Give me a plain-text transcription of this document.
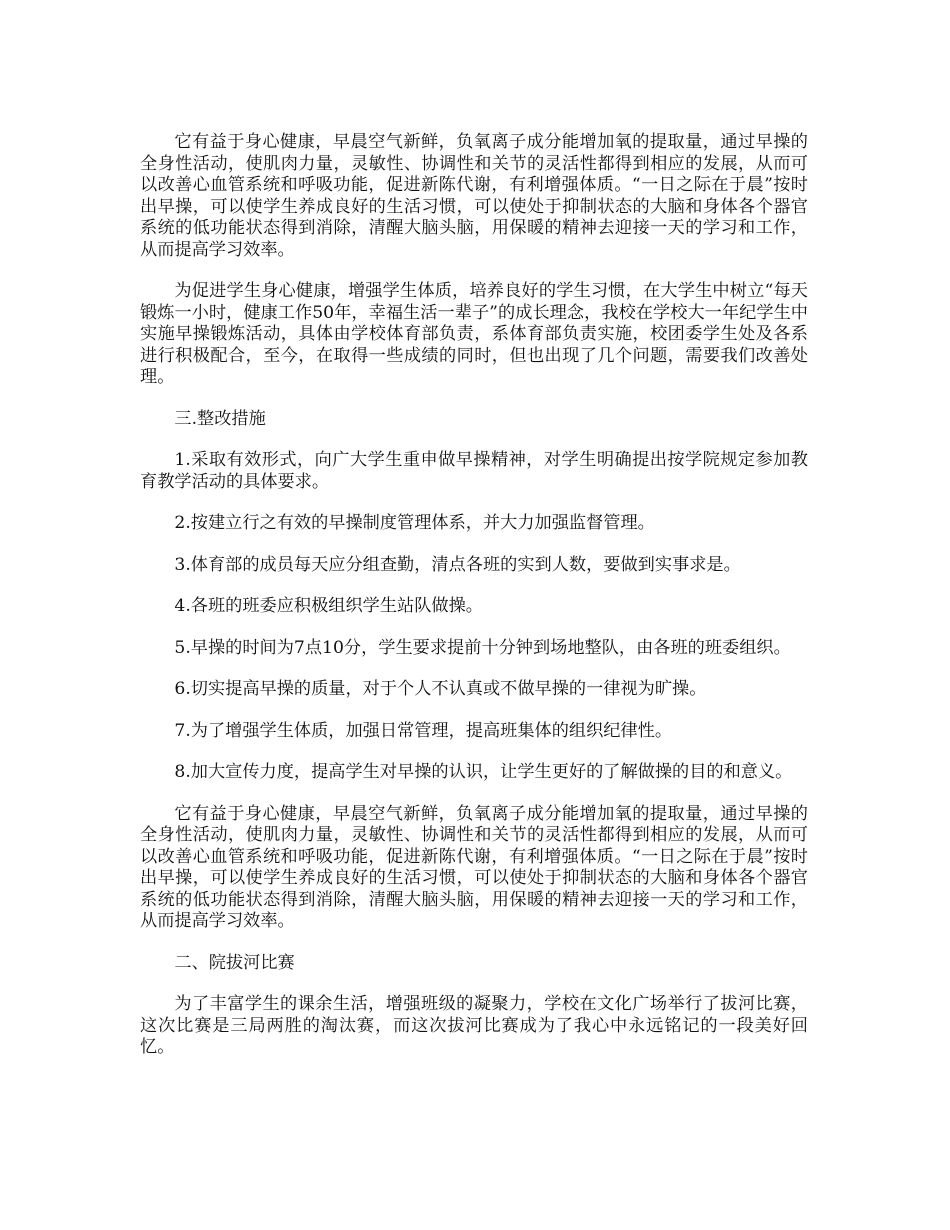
它有益于身心健康，早晨空气新鲜，负氧离子成分能增加氧的提取量，通过早操的全身性活动，使肌肉力量，灵敏性、协调性和关节的灵活性都得到相应的发展，从而可以改善心血管系统和呼吸功能，促进新陈代谢，有利增强体质。“一日之际在于晨”按时出早操，可以使学生养成良好的生活习惯，可以使处于抑制状态的大脑和身体各个器官系统的低功能状态得到消除，清醒大脑头脑，用保暖的精神去迎接一天的学习和工作，从而提高学习效率。

为促进学生身心健康，增强学生体质，培养良好的学生习惯，在大学生中树立“每天锻炼一小时，健康工作50年，幸福生活一辈子”的成长理念，我校在学校大一年纪学生中实施早操锻炼活动，具体由学校体育部负责，系体育部负责实施，校团委学生处及各系进行积极配合，至今，在取得一些成绩的同时，但也出现了几个问题，需要我们改善处理。

三.整改措施

1.采取有效形式，向广大学生重申做早操精神，对学生明确提出按学院规定参加教育教学活动的具体要求。

2.按建立行之有效的早操制度管理体系，并大力加强监督管理。

3.体育部的成员每天应分组查勤，清点各班的实到人数，要做到实事求是。

4.各班的班委应积极组织学生站队做操。

5.早操的时间为7点10分，学生要求提前十分钟到场地整队，由各班的班委组织。

6.切实提高早操的质量，对于个人不认真或不做早操的一律视为旷操。

7.为了增强学生体质，加强日常管理，提高班集体的组织纪律性。

8.加大宣传力度，提高学生对早操的认识，让学生更好的了解做操的目的和意义。

它有益于身心健康，早晨空气新鲜，负氧离子成分能增加氧的提取量，通过早操的全身性活动，使肌肉力量，灵敏性、协调性和关节的灵活性都得到相应的发展，从而可以改善心血管系统和呼吸功能，促进新陈代谢，有利增强体质。“一日之际在于晨”按时出早操，可以使学生养成良好的生活习惯，可以使处于抑制状态的大脑和身体各个器官系统的低功能状态得到消除，清醒大脑头脑，用保暖的精神去迎接一天的学习和工作，从而提高学习效率。

二、院拔河比赛

为了丰富学生的课余生活，增强班级的凝聚力，学校在文化广场举行了拔河比赛，这次比赛是三局两胜的淘汰赛，而这次拔河比赛成为了我心中永远铭记的一段美好回忆。
